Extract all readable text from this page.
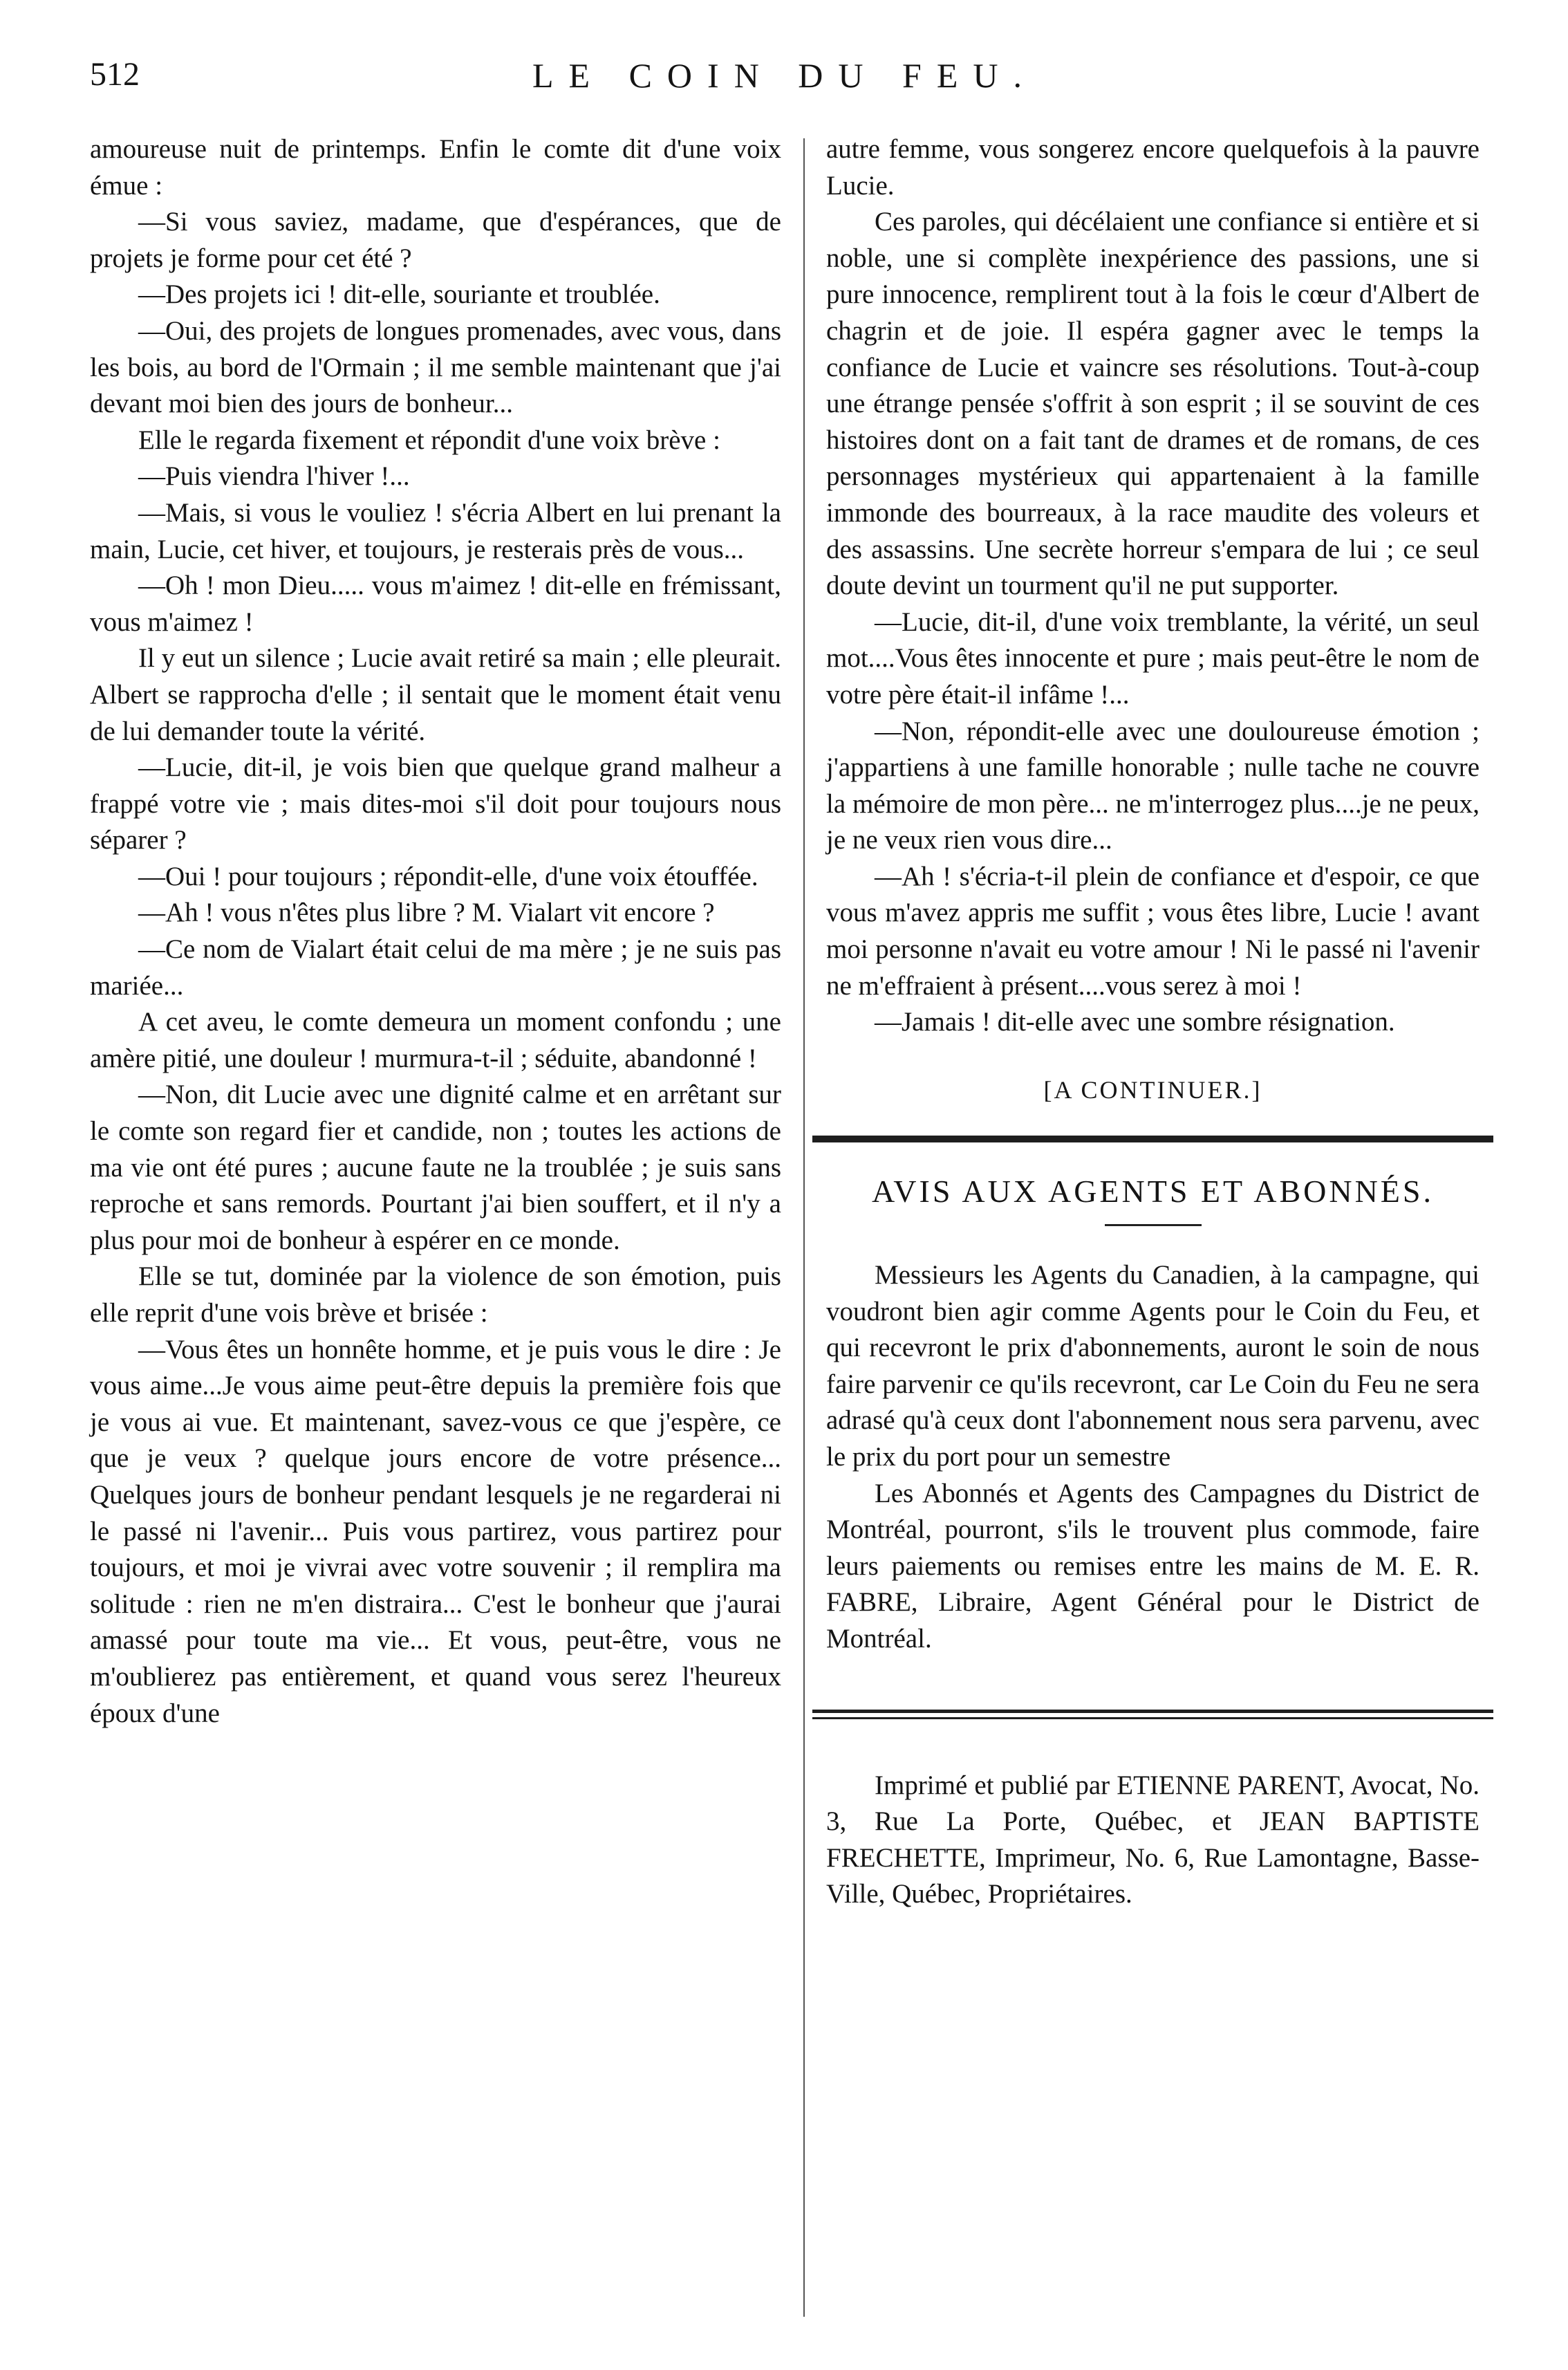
512	LE COIN DU FEU.

amoureuse nuit de printemps. Enfin le comte dit d'une voix émue :

—Si vous saviez, madame, que d'espérances, que de projets je forme pour cet été ?

—Des projets ici ! dit-elle, souriante et troublée.

—Oui, des projets de longues promenades, avec vous, dans les bois, au bord de l'Ormain ; il me semble maintenant que j'ai devant moi bien des jours de bonheur...

Elle le regarda fixement et répondit d'une voix brève :

—Puis viendra l'hiver !...

—Mais, si vous le vouliez ! s'écria Albert en lui prenant la main, Lucie, cet hiver, et toujours, je resterais près de vous...

—Oh ! mon Dieu..... vous m'aimez ! dit-elle en frémissant, vous m'aimez !

Il y eut un silence ; Lucie avait retiré sa main ; elle pleurait. Albert se rapprocha d'elle ; il sentait que le moment était venu de lui demander toute la vérité.

—Lucie, dit-il, je vois bien que quelque grand malheur a frappé votre vie ; mais dites-moi s'il doit pour toujours nous séparer ?

—Oui ! pour toujours ; répondit-elle, d'une voix étouffée.

—Ah ! vous n'êtes plus libre ? M. Vialart vit encore ?

—Ce nom de Vialart était celui de ma mère ; je ne suis pas mariée...

A cet aveu, le comte demeura un moment confondu ; une amère pitié, une douleur ! murmura-t-il ; séduite, abandonné !

—Non, dit Lucie avec une dignité calme et en arrêtant sur le comte son regard fier et candide, non ; toutes les actions de ma vie ont été pures ; aucune faute ne la troublée ; je suis sans reproche et sans remords. Pourtant j'ai bien souffert, et il n'y a plus pour moi de bonheur à espérer en ce monde.

Elle se tut, dominée par la violence de son émotion, puis elle reprit d'une vois brève et brisée :

—Vous êtes un honnête homme, et je puis vous le dire : Je vous aime...Je vous aime peut-être depuis la première fois que je vous ai vue. Et maintenant, savez-vous ce que j'espère, ce que je veux ? quelque jours encore de votre présence... Quelques jours de bonheur pendant lesquels je ne regarderai ni le passé ni l'avenir... Puis vous partirez, vous partirez pour toujours, et moi je vivrai avec votre souvenir ; il remplira ma solitude : rien ne m'en distraira... C'est le bonheur que j'aurai amassé pour toute ma vie... Et vous, peut-être, vous ne m'oublierez pas entièrement, et quand vous serez l'heureux époux d'une

autre femme, vous songerez encore quelquefois à la pauvre Lucie.

Ces paroles, qui décélaient une confiance si entière et si noble, une si complète inexpérience des passions, une si pure innocence, remplirent tout à la fois le cœur d'Albert de chagrin et de joie. Il espéra gagner avec le temps la confiance de Lucie et vaincre ses résolutions. Tout-à-coup une étrange pensée s'offrit à son esprit ; il se souvint de ces histoires dont on a fait tant de drames et de romans, de ces personnages mystérieux qui appartenaient à la famille immonde des bourreaux, à la race maudite des voleurs et des assassins. Une secrète horreur s'empara de lui ; ce seul doute devint un tourment qu'il ne put supporter.

—Lucie, dit-il, d'une voix tremblante, la vérité, un seul mot....Vous êtes innocente et pure ; mais peut-être le nom de votre père était-il infâme !...

—Non, répondit-elle avec une douloureuse émotion ; j'appartiens à une famille honorable ; nulle tache ne couvre la mémoire de mon père... ne m'interrogez plus....je ne peux, je ne veux rien vous dire...

—Ah ! s'écria-t-il plein de confiance et d'espoir, ce que vous m'avez appris me suffit ; vous êtes libre, Lucie ! avant moi personne n'avait eu votre amour ! Ni le passé ni l'avenir ne m'effraient à présent....vous serez à moi !

—Jamais ! dit-elle avec une sombre résignation.

[A CONTINUER.]
AVIS AUX AGENTS ET ABONNÉS.

Messieurs les Agents du Canadien, à la campagne, qui voudront bien agir comme Agents pour le Coin du Feu, et qui recevront le prix d'abonnements, auront le soin de nous faire parvenir ce qu'ils recevront, car Le Coin du Feu ne sera adrasé qu'à ceux dont l'abonnement nous sera parvenu, avec le prix du port pour un semestre

Les Abonnés et Agents des Campagnes du District de Montréal, pourront, s'ils le trouvent plus commode, faire leurs paiements ou remises entre les mains de M. E. R. FABRE, Libraire, Agent Général pour le District de Montréal.

Imprimé et publié par ETIENNE PARENT, Avocat, No. 3, Rue La Porte, Québec, et JEAN BAPTISTE FRECHETTE, Imprimeur, No. 6, Rue Lamontagne, Basse-Ville, Québec, Propriétaires.
